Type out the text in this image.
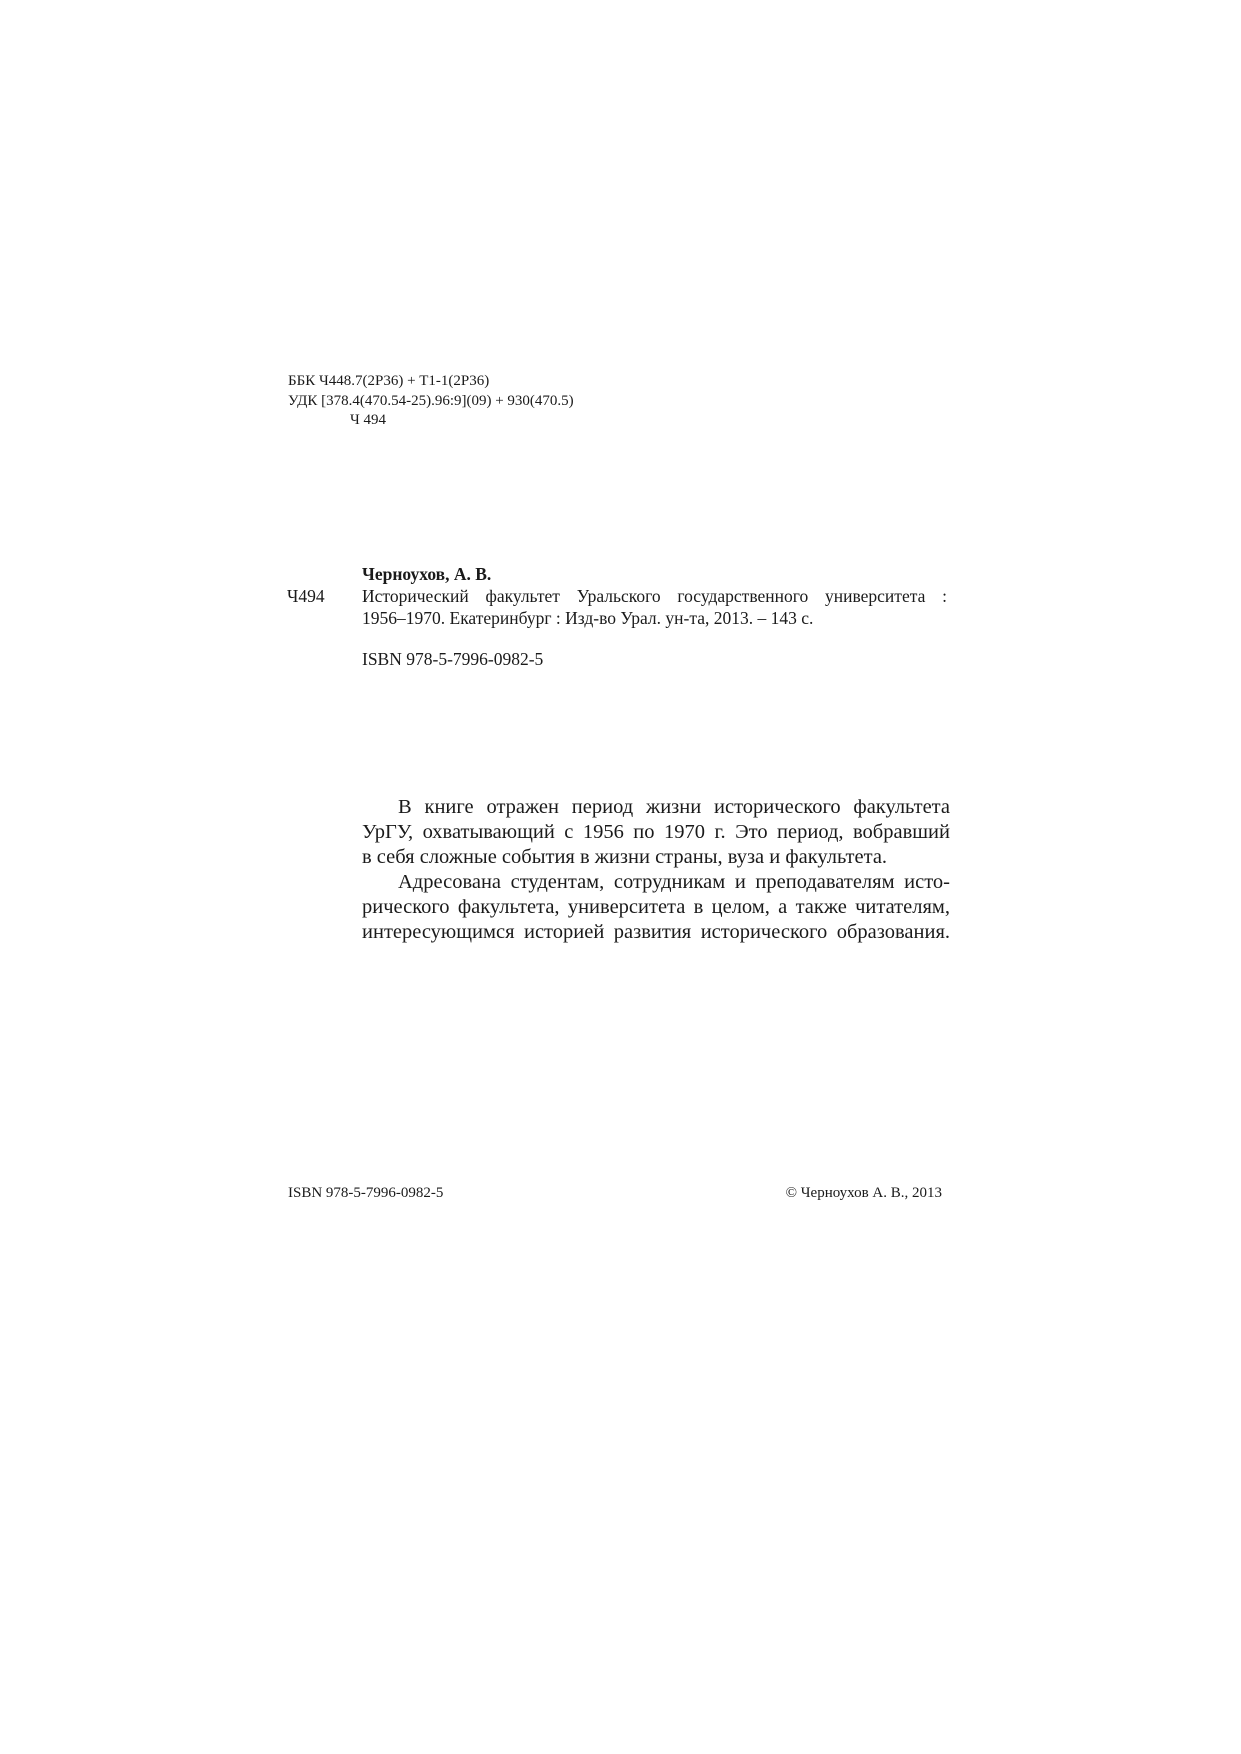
ББК Ч448.7(2Р36) + Т1-1(2Р36)
УДК [378.4(470.54-25).96:9](09) + 930(470.5)
Ч 494
Черноухов, А. В.
Ч494 Исторический факультет Уральского государственного университета :
1956–1970. Екатеринбург : Изд-во Урал. ун-та, 2013. – 143 с.
ISBN 978-5-7996-0982-5
В книге отражен период жизни исторического факультета
УрГУ, охватывающий с 1956 по 1970 г. Это период, вобравший
в себя сложные события в жизни страны, вуза и факультета.
Адресована студентам, сотрудникам и преподавателям исто-
рического факультета, университета в целом, а также читателям,
интересующимся историей развития исторического образования.
ISBN 978-5-7996-0982-5	© Черноухов А. В., 2013
